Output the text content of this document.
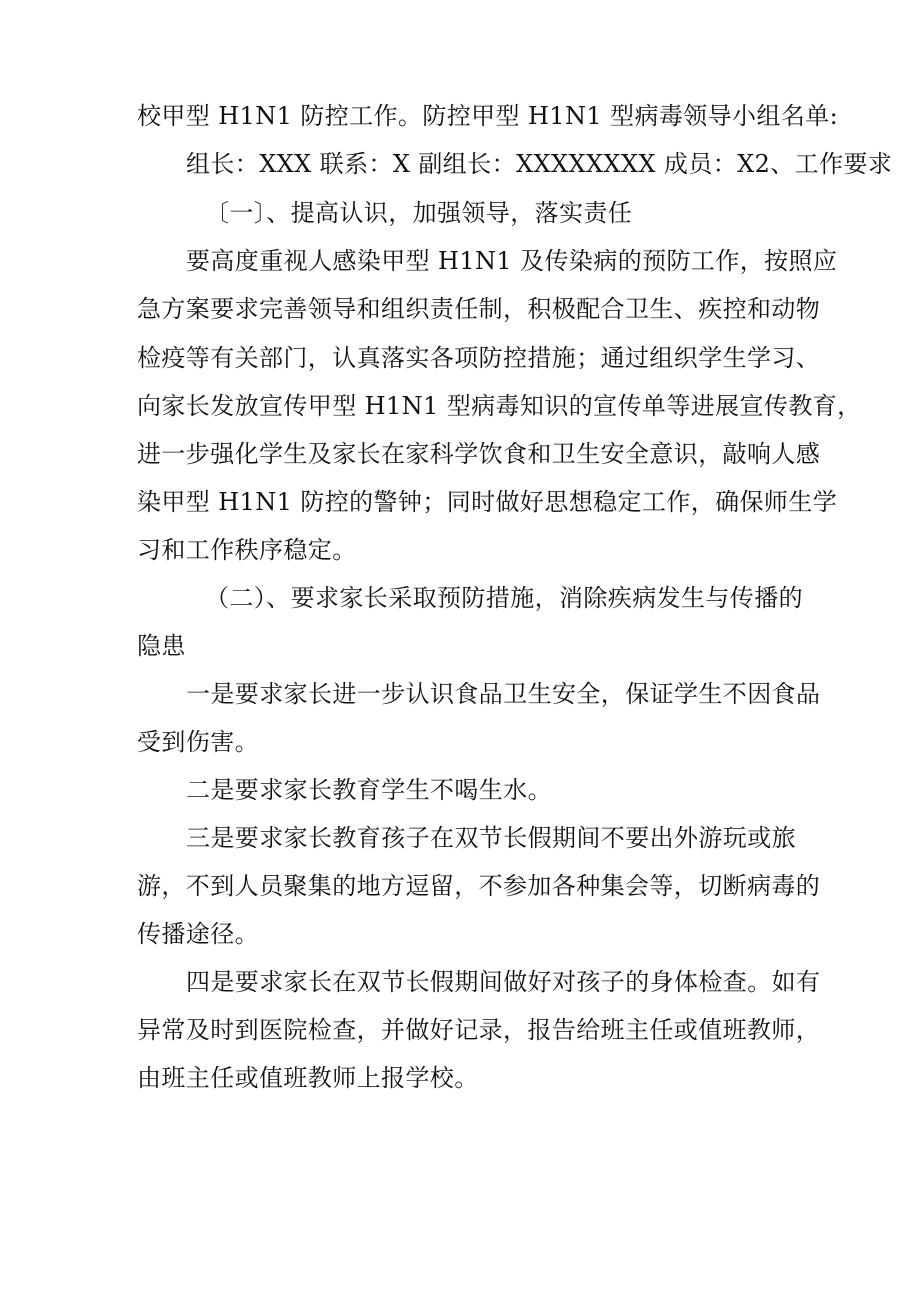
校甲型 H1N1 防控工作。防控甲型 H1N1 型病毒领导小组名单:
组长：XXX 联系：X 副组长：XXXXXXXX 成员：X2、工作要求
〔一〕、提高认识，加强领导，落实责任
要高度重视人感染甲型 H1N1 及传染病的预防工作，按照应
急方案要求完善领导和组织责任制，积极配合卫生、疾控和动物
检疫等有关部门，认真落实各项防控措施；通过组织学生学习、
向家长发放宣传甲型 H1N1 型病毒知识的宣传单等进展宣传教育，
进一步强化学生及家长在家科学饮食和卫生安全意识，敲响人感
染甲型 H1N1 防控的警钟；同时做好思想稳定工作，确保师生学
习和工作秩序稳定。
（二）、要求家长采取预防措施，消除疾病发生与传播的
隐患
一是要求家长进一步认识食品卫生安全，保证学生不因食品
受到伤害。
二是要求家长教育学生不喝生水。
三是要求家长教育孩子在双节长假期间不要出外游玩或旅
游，不到人员聚集的地方逗留，不参加各种集会等，切断病毒的
传播途径。
四是要求家长在双节长假期间做好对孩子的身体检查。如有
异常及时到医院检查，并做好记录，报告给班主任或值班教师，
由班主任或值班教师上报学校。
